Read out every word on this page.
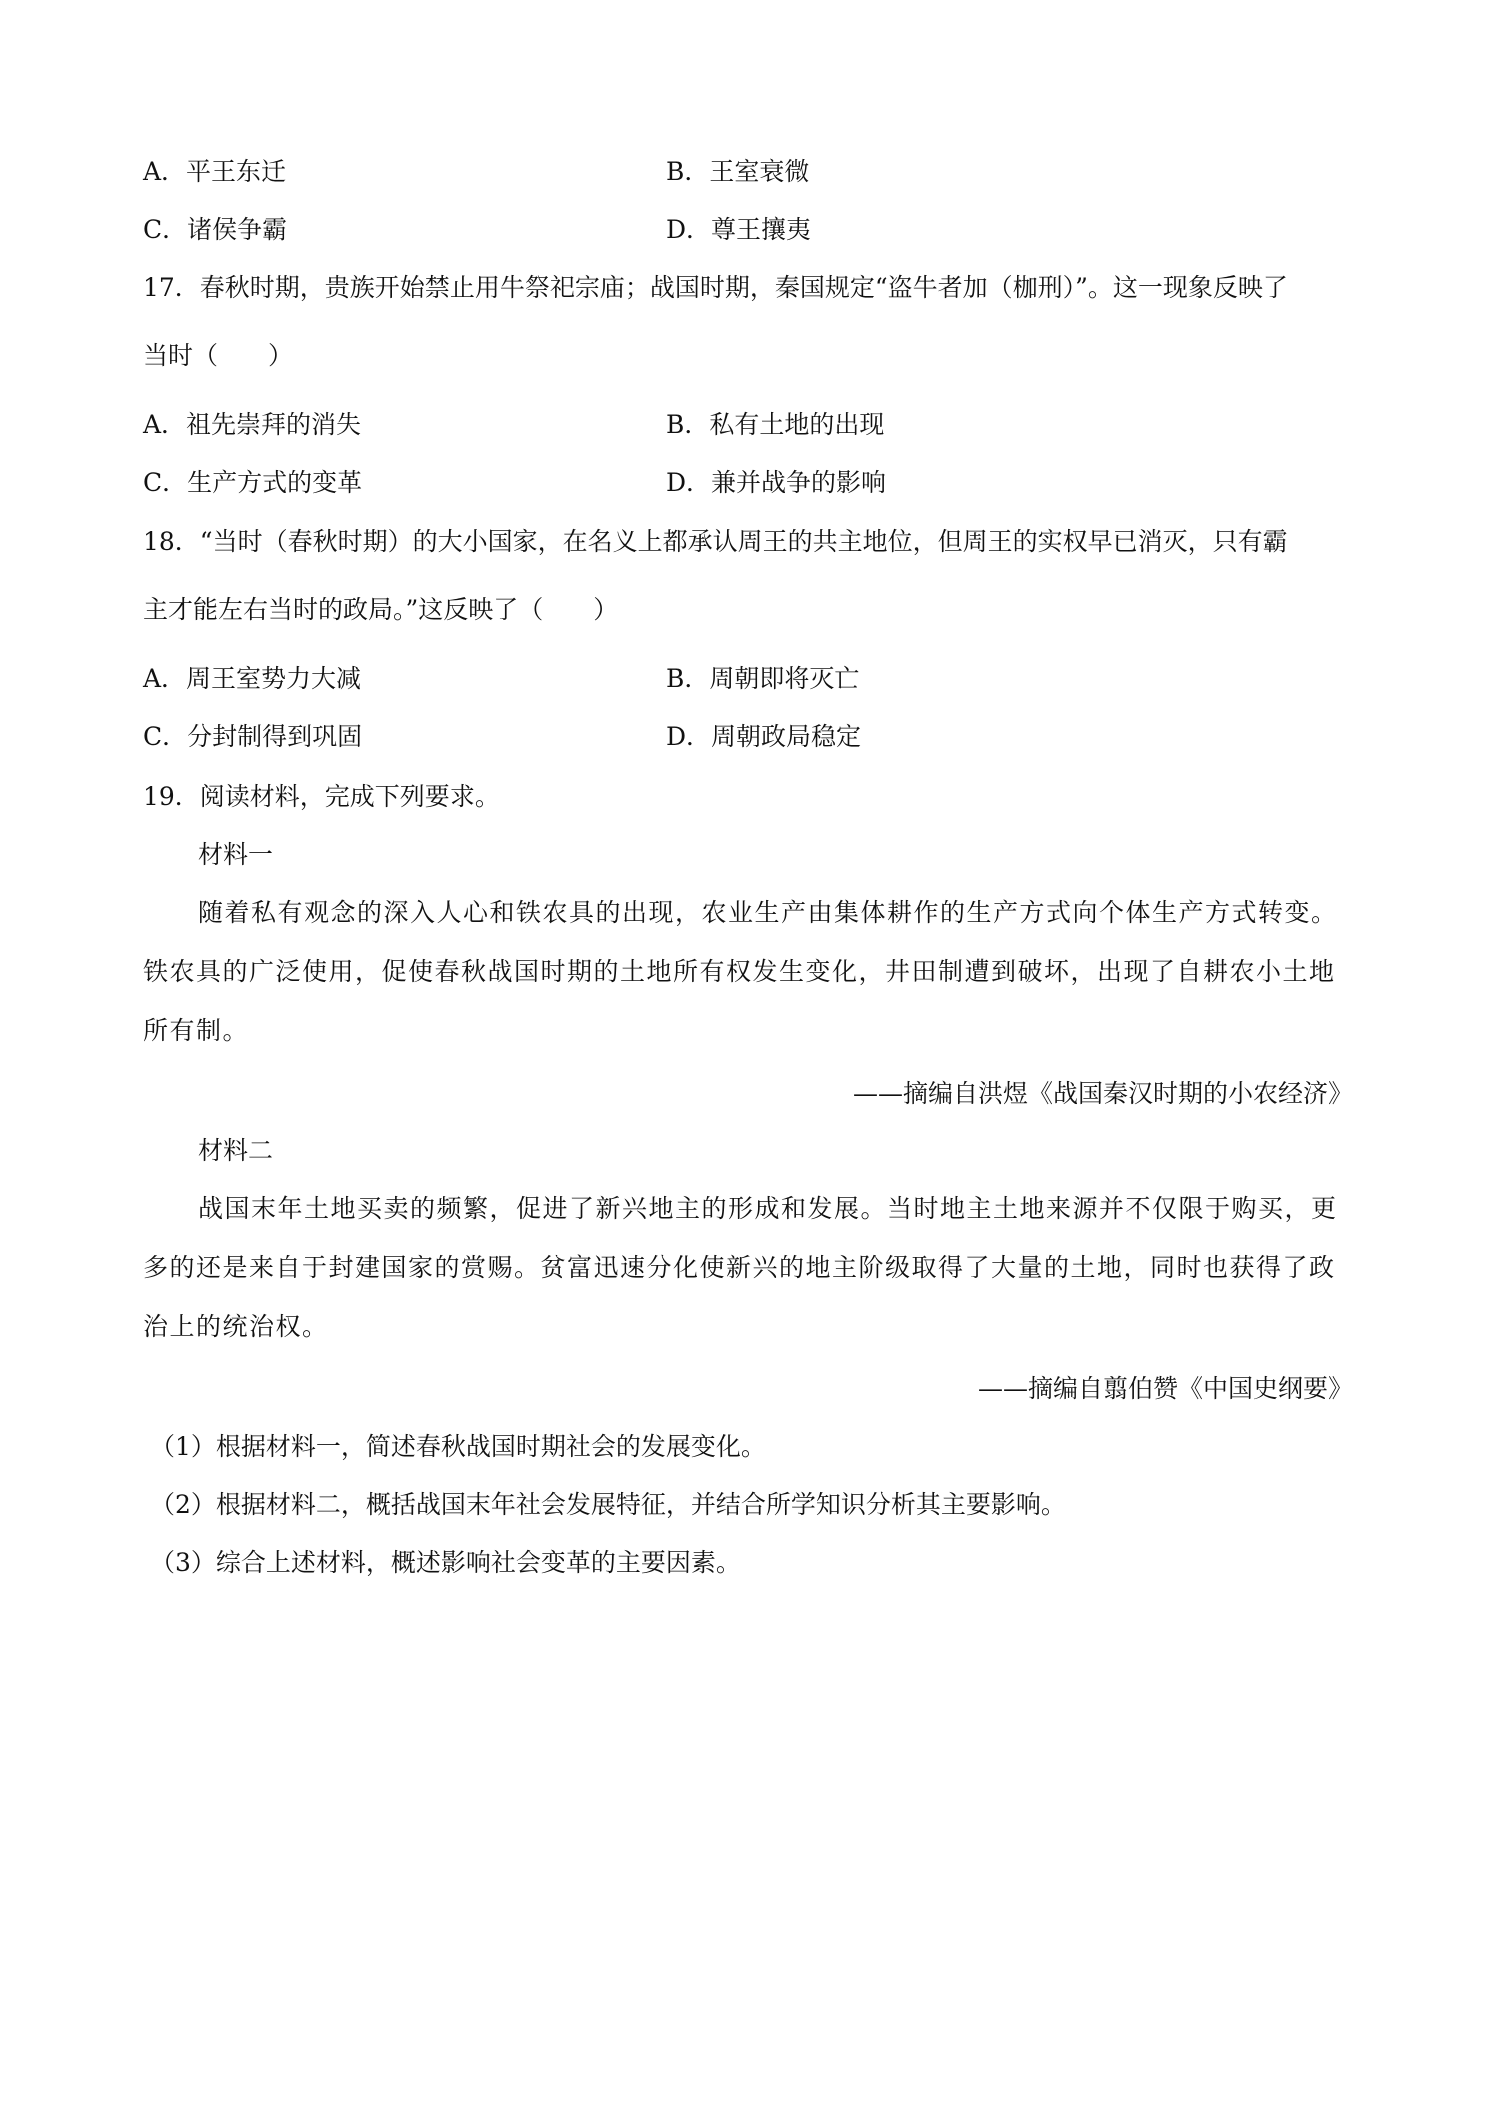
A．平王东迁	B．王室衰微
C．诸侯争霸	D．尊王攘夷
17．春秋时期，贵族开始禁止用牛祭祀宗庙；战国时期，秦国规定“盗牛者加（枷刑）”。这一现象反映了
当时（　　）
A．祖先崇拜的消失	B．私有土地的出现
C．生产方式的变革	D．兼并战争的影响
18．“当时（春秋时期）的大小国家，在名义上都承认周王的共主地位，但周王的实权早已消灭，只有霸
主才能左右当时的政局。”这反映了（　　）
A．周王室势力大减	B．周朝即将灭亡
C．分封制得到巩固	D．周朝政局稳定
19．阅读材料，完成下列要求。
材料一
随着私有观念的深入人心和铁农具的出现，农业生产由集体耕作的生产方式向个体生产方式转变。铁农具的广泛使用，促使春秋战国时期的土地所有权发生变化，井田制遭到破坏，出现了自耕农小土地所有制。
——摘编自洪煜《战国秦汉时期的小农经济》
材料二
战国末年土地买卖的频繁，促进了新兴地主的形成和发展。当时地主土地来源并不仅限于购买，更多的还是来自于封建国家的赏赐。贫富迅速分化使新兴的地主阶级取得了大量的土地，同时也获得了政治上的统治权。
——摘编自翦伯赞《中国史纲要》
（1）根据材料一，简述春秋战国时期社会的发展变化。
（2）根据材料二，概括战国末年社会发展特征，并结合所学知识分析其主要影响。
（3）综合上述材料，概述影响社会变革的主要因素。
